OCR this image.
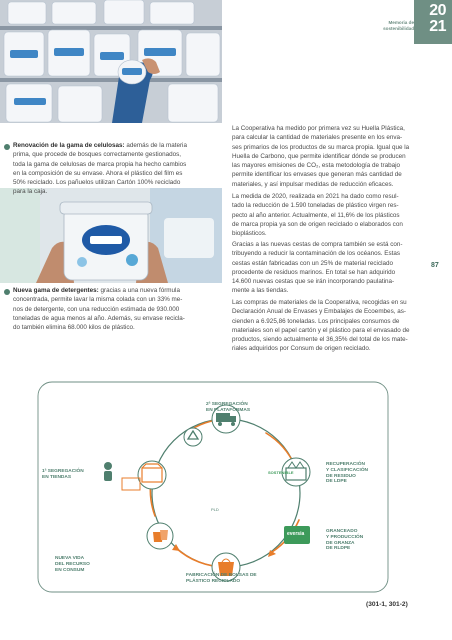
Memoria de sostenibilidad
20
21
Renovación de la gama de celulosas: además de la materia
prima, que procede de bosques correctamente gestionados,
toda la gama de celulosas de marca propia ha hecho cambios
en la composición de su envase. Ahora el plástico del film es
50% reciclado. Los pañuelos utilizan Cartón 100% reciclado
para la caja.
Nueva gama de detergentes: gracias a una nueva fórmula
concentrada, permite lavar la misma colada con un 33% me-
nos de detergente, con una reducción estimada de 930.000
toneladas de agua menos al año. Además, su envase recicla-
do también elimina 68.000 kilos de plástico.
La Cooperativa ha medido por primera vez su Huella Plástica,
para calcular la cantidad de materiales presente en los enva-
ses primarios de los productos de su marca propia. Igual que la
Huella de Carbono, que permite identificar dónde se producen
las mayores emisiones de CO₂, esta metodología de trabajo
permite identificar los envases que generan más cantidad de
materiales, y así impulsar medidas de reducción eficaces.
La medida de 2020, realizada en 2021 ha dado como resul-
tado la reducción de 1.590 toneladas de plástico virgen res-
pecto al año anterior. Actualmente, el 11,6% de los plásticos
de marca propia ya son de origen reciclado o elaborados con
bioplásticos.
Gracias a las nuevas cestas de compra también se está con-
tribuyendo a reducir la contaminación de los océanos. Estas
cestas están fabricadas con un 25% de material reciclado
procedente de residuos marinos. En total se han adquirido
14.600 nuevas cestas que se irán incorporando paulatina-
mente a las tiendas.
Las compras de materiales de la Cooperativa, recogidas en su
Declaración Anual de Envases y Embalajes de Ecoembes, as-
cienden a 6.925,86 toneladas. Los principales consumos de
materiales son el papel cartón y el plástico para el envasado de
productos, siendo actualmente el 36,35% del total de los mate-
riales adquiridos por Consum de origen reciclado.
87
SOSTENIBLE
eversia
PLD
2ª SEGREGACIÓN
EN PLATAFORMAS
1ª SEGREGACIÓN
EN TIENDAS
RECUPERACIÓN
Y CLASIFICACIÓN
DE RESIDUO
DE LDPE
GRANCEADO
Y PRODUCCIÓN
DE GRANZA
DE RLDPE
NUEVA VIDA
DEL RECURSO
EN CONSUM
FABRICACIÓN DE BOLSAS DE
PLÁSTICO RECICLADO
(301-1, 301-2)
